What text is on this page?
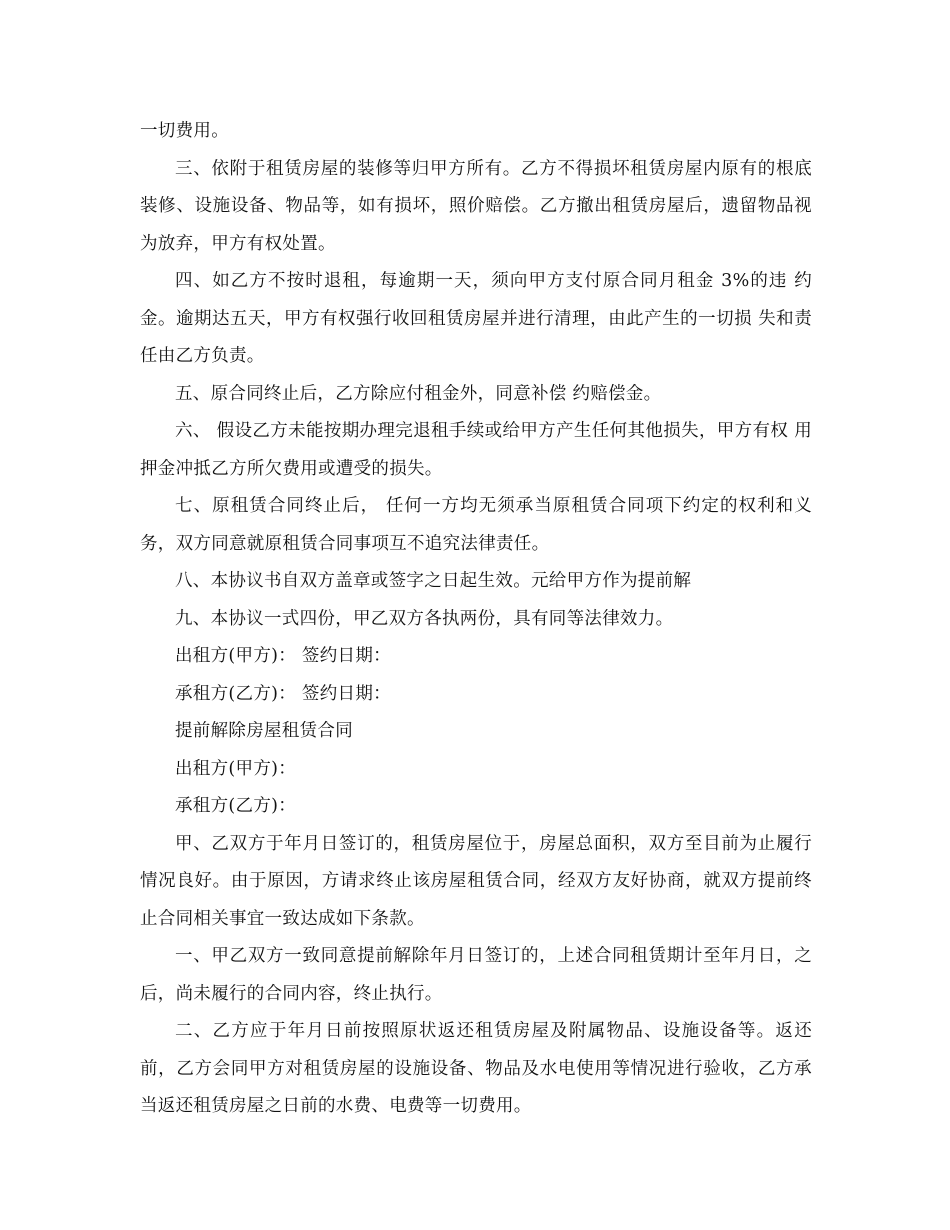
一切费用。

三、依附于租赁房屋的装修等归甲方所有。乙方不得损坏租赁房屋内原有的根底装修、设施设备、物品等，如有损坏，照价赔偿。乙方撤出租赁房屋后，遗留物品视为放弃，甲方有权处置。

四、如乙方不按时退租，每逾期一天，须向甲方支付原合同月租金 3%的违 约金。逾期达五天，甲方有权强行收回租赁房屋并进行清理，由此产生的一切损 失和责任由乙方负责。

五、原合同终止后，乙方除应付租金外，同意补偿 约赔偿金。

六、 假设乙方未能按期办理完退租手续或给甲方产生任何其他损失，甲方有权 用押金冲抵乙方所欠费用或遭受的损失。

七、原租赁合同终止后， 任何一方均无须承当原租赁合同项下约定的权利和义务，双方同意就原租赁合同事项互不追究法律责任。

八、本协议书自双方盖章或签字之日起生效。元给甲方作为提前解

九、本协议一式四份，甲乙双方各执两份，具有同等法律效力。

出租方(甲方)： 签约日期：

承租方(乙方)： 签约日期：

提前解除房屋租赁合同

出租方(甲方)：

承租方(乙方)：

甲、乙双方于年月日签订的，租赁房屋位于，房屋总面积，双方至目前为止履行情况良好。由于原因，方请求终止该房屋租赁合同，经双方友好协商，就双方提前终止合同相关事宜一致达成如下条款。

一、甲乙双方一致同意提前解除年月日签订的，上述合同租赁期计至年月日，之后，尚未履行的合同内容，终止执行。

二、乙方应于年月日前按照原状返还租赁房屋及附属物品、设施设备等。返还前，乙方会同甲方对租赁房屋的设施设备、物品及水电使用等情况进行验收，乙方承当返还租赁房屋之日前的水费、电费等一切费用。
